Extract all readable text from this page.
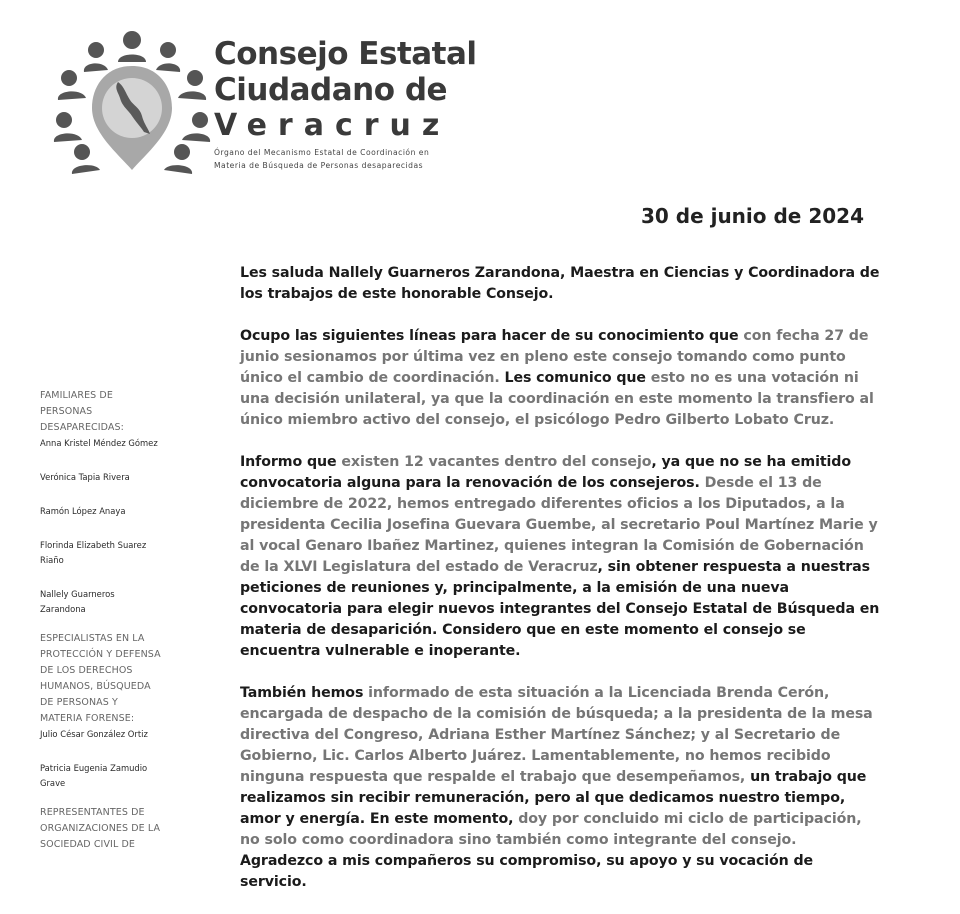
Consejo Estatal
Ciudadano de
Veracruz
Órgano del Mecanismo Estatal de Coordinación en
Materia de Búsqueda de Personas desaparecidas
30 de junio de 2024
FAMILIARES DE
PERSONAS
DESAPARECIDAS:
Anna Kristel Méndez Gómez
Verónica Tapia Rivera
Ramón López Anaya
Florinda Elizabeth Suarez
Riaño
Nallely Guarneros
Zarandona
ESPECIALISTAS EN LA
PROTECCIÓN Y DEFENSA
DE LOS DERECHOS
HUMANOS, BÚSQUEDA
DE PERSONAS Y
MATERIA FORENSE:
Julio César González Ortiz
Patricia Eugenia Zamudio
Grave
REPRESENTANTES DE
ORGANIZACIONES DE LA
SOCIEDAD CIVIL DE

Les saluda Nallely Guarneros Zarandona, Maestra en Ciencias y Coordinadora de los trabajos de este honorable Consejo.

Ocupo las siguientes líneas para hacer de su conocimiento que con fecha 27 de junio sesionamos por última vez en pleno este consejo tomando como punto único el cambio de coordinación. Les comunico que esto no es una votación ni una decisión unilateral, ya que la coordinación en este momento la transfiero al único miembro activo del consejo, el psicólogo Pedro Gilberto Lobato Cruz.

Informo que existen 12 vacantes dentro del consejo, ya que no se ha emitido convocatoria alguna para la renovación de los consejeros. Desde el 13 de diciembre de 2022, hemos entregado diferentes oficios a los Diputados, a la presidenta Cecilia Josefina Guevara Guembe, al secretario Poul Martínez Marie y al vocal Genaro Ibañez Martinez, quienes integran la Comisión de Gobernación de la XLVI Legislatura del estado de Veracruz, sin obtener respuesta a nuestras peticiones de reuniones y, principalmente, a la emisión de una nueva convocatoria para elegir nuevos integrantes del Consejo Estatal de Búsqueda en materia de desaparición. Considero que en este momento el consejo se encuentra vulnerable e inoperante.

También hemos informado de esta situación a la Licenciada Brenda Cerón, encargada de despacho de la comisión de búsqueda; a la presidenta de la mesa directiva del Congreso, Adriana Esther Martínez Sánchez; y al Secretario de Gobierno, Lic. Carlos Alberto Juárez. Lamentablemente, no hemos recibido ninguna respuesta que respalde el trabajo que desempeñamos, un trabajo que realizamos sin recibir remuneración, pero al que dedicamos nuestro tiempo, amor y energía. En este momento, doy por concluido mi ciclo de participación, no solo como coordinadora sino también como integrante del consejo. Agradezco a mis compañeros su compromiso, su apoyo y su vocación de servicio.
